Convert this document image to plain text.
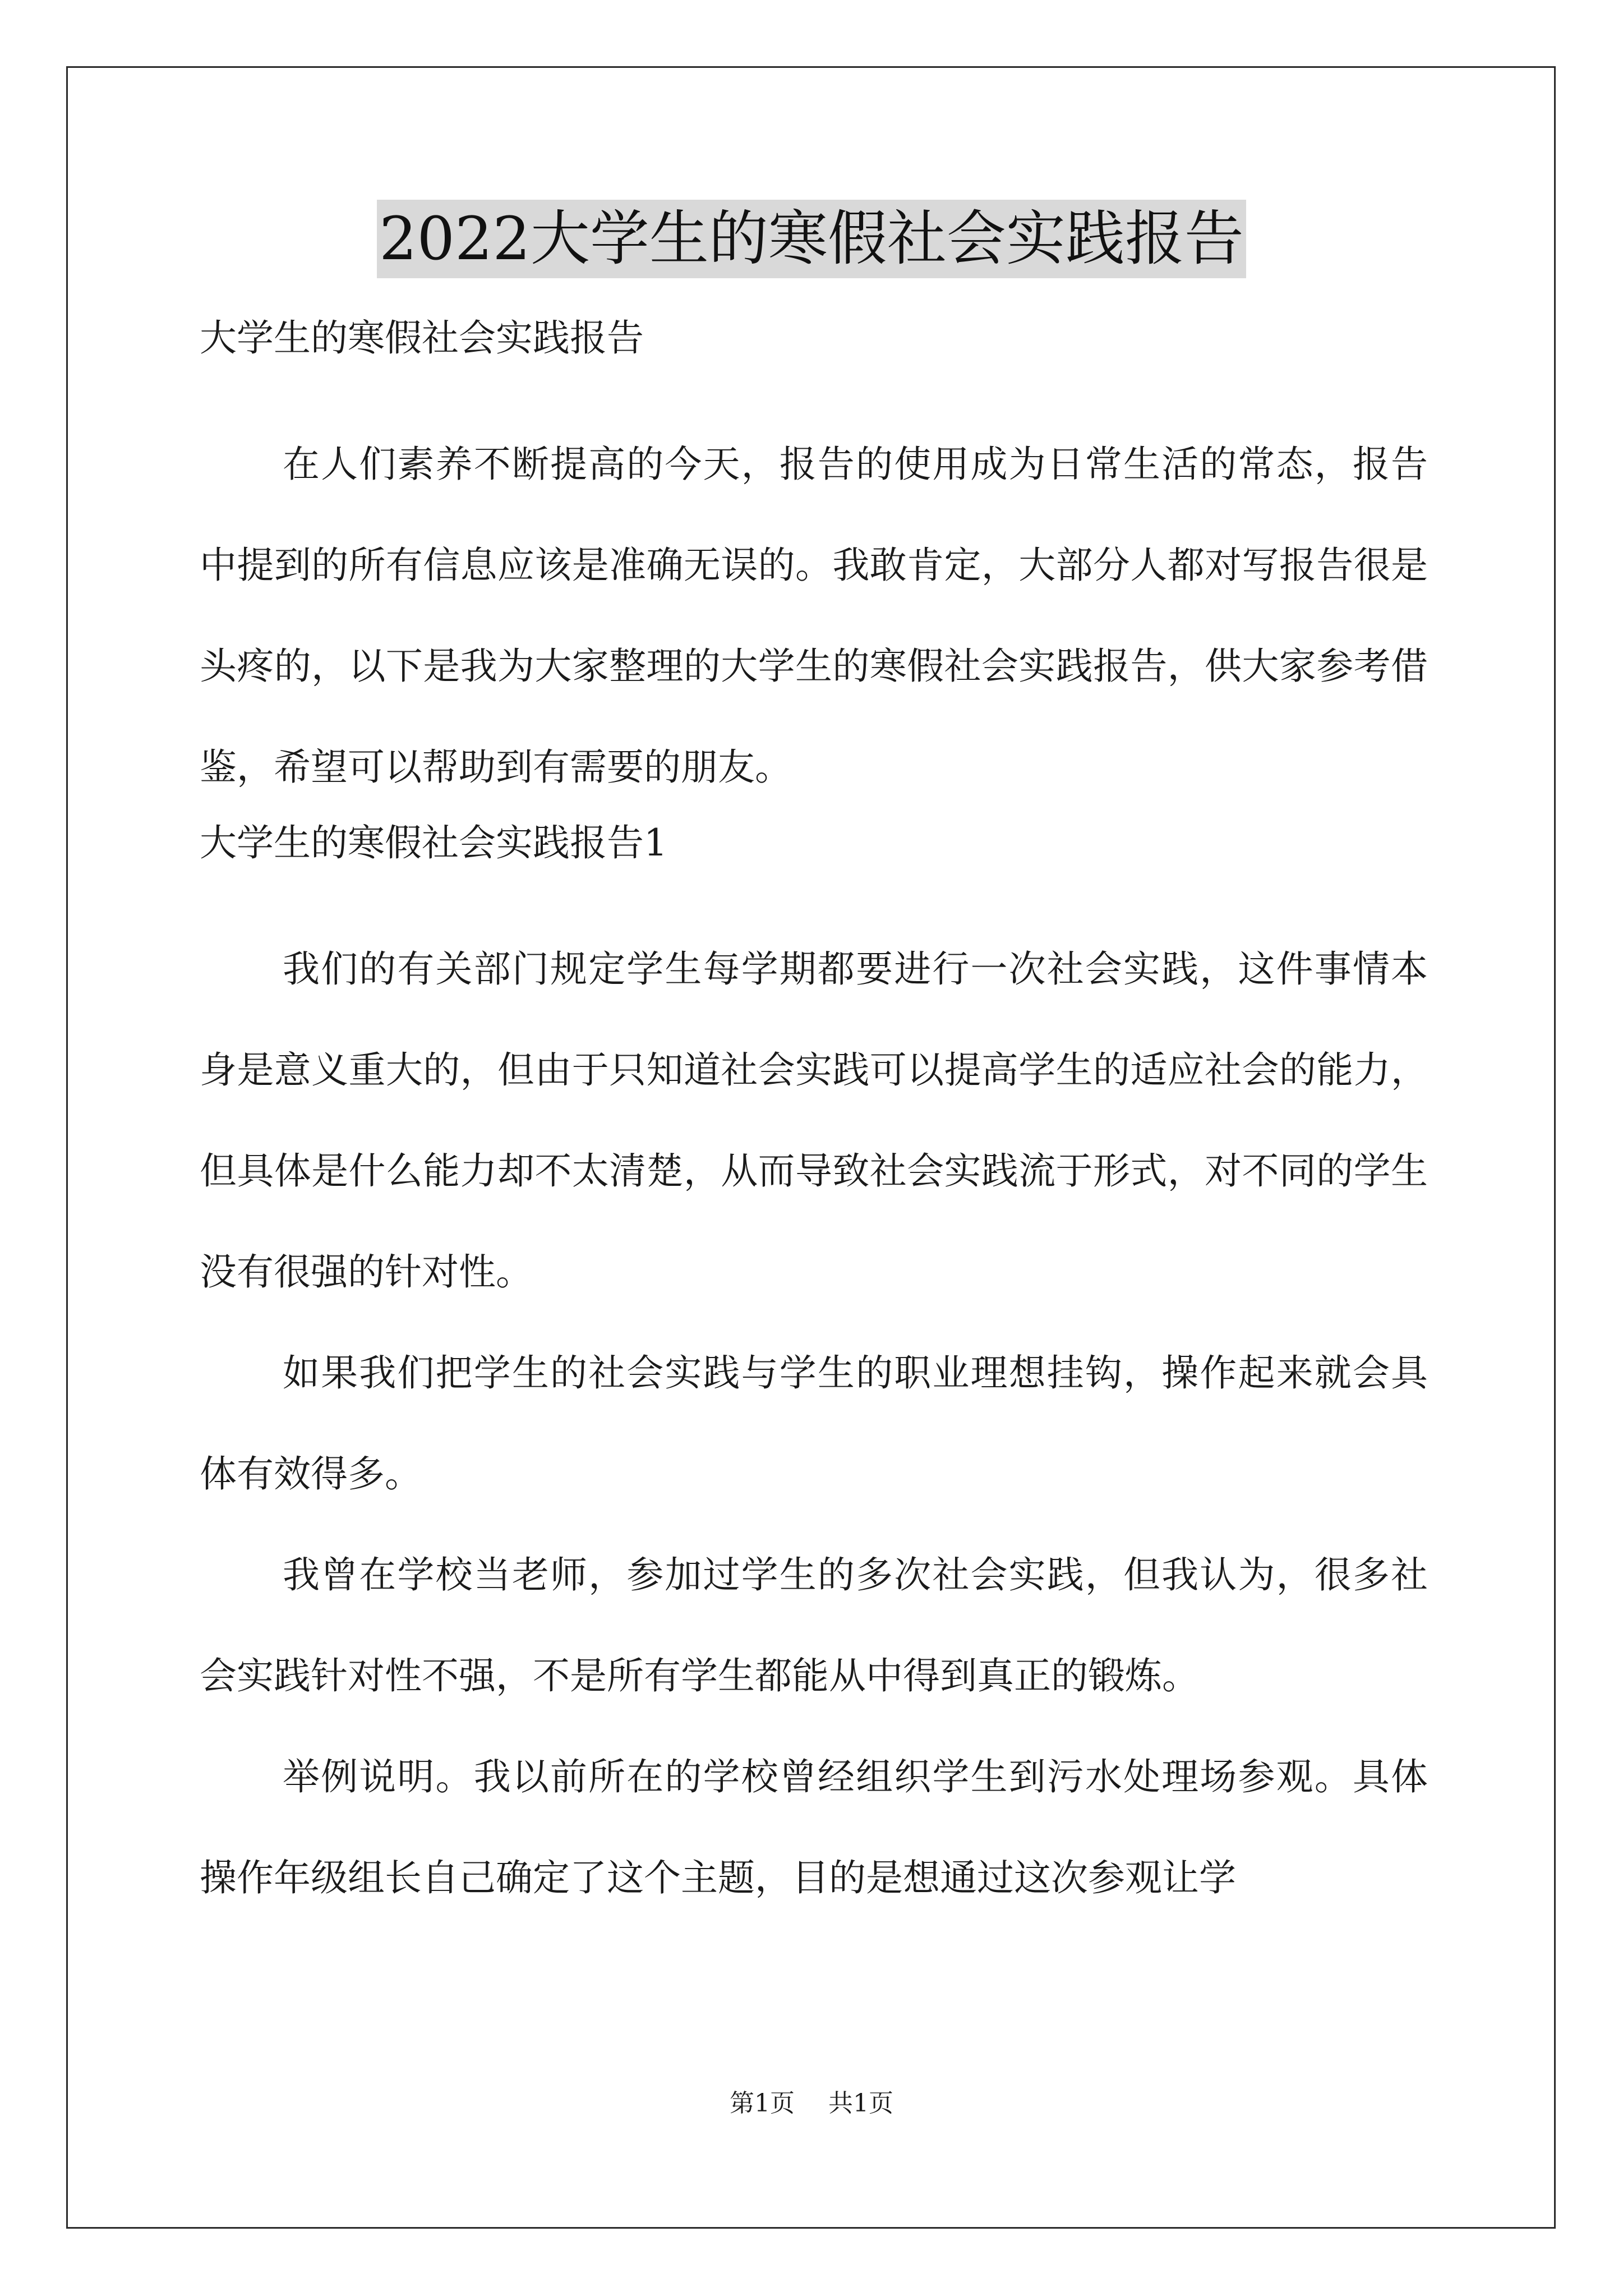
2022大学生的寒假社会实践报告

大学生的寒假社会实践报告

在人们素养不断提高的今天，报告的使用成为日常生活的常态，报告中提到的所有信息应该是准确无误的。我敢肯定，大部分人都对写报告很是头疼的，以下是我为大家整理的大学生的寒假社会实践报告，供大家参考借鉴，希望可以帮助到有需要的朋友。

大学生的寒假社会实践报告1

我们的有关部门规定学生每学期都要进行一次社会实践，这件事情本身是意义重大的，但由于只知道社会实践可以提高学生的适应社会的能力，但具体是什么能力却不太清楚，从而导致社会实践流于形式，对不同的学生没有很强的针对性。

如果我们把学生的社会实践与学生的职业理想挂钩，操作起来就会具体有效得多。

我曾在学校当老师，参加过学生的多次社会实践，但我认为，很多社会实践针对性不强，不是所有学生都能从中得到真正的锻炼。

举例说明。我以前所在的学校曾经组织学生到污水处理场参观。具体操作年级组长自己确定了这个主题，目的是想通过这次参观让学

第1页 共1页
